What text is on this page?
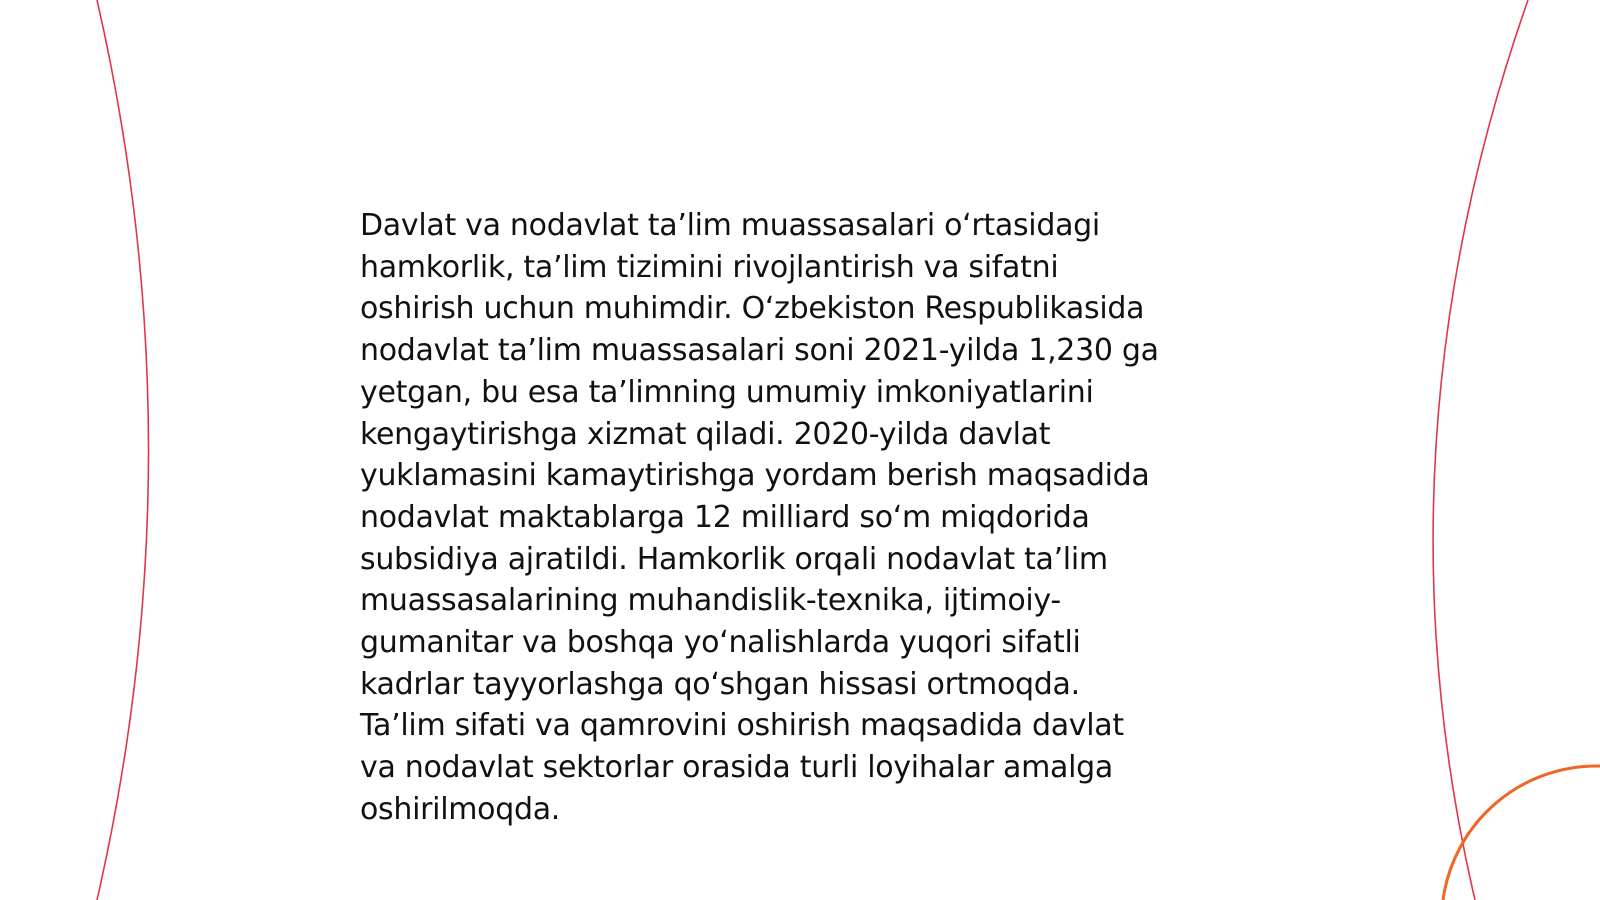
Davlat va nodavlat ta’lim muassasalari o‘rtasidagi
hamkorlik, ta’lim tizimini rivojlantirish va sifatni
oshirish uchun muhimdir. O‘zbekiston Respublikasida
nodavlat ta’lim muassasalari soni 2021-yilda 1,230 ga
yetgan, bu esa ta’limning umumiy imkoniyatlarini
kengaytirishga xizmat qiladi. 2020-yilda davlat
yuklamasini kamaytirishga yordam berish maqsadida
nodavlat maktablarga 12 milliard so‘m miqdorida
subsidiya ajratildi. Hamkorlik orqali nodavlat ta’lim
muassasalarining muhandislik-texnika, ijtimoiy-
gumanitar va boshqa yo‘nalishlarda yuqori sifatli
kadrlar tayyorlashga qo‘shgan hissasi ortmoqda.
Ta’lim sifati va qamrovini oshirish maqsadida davlat
va nodavlat sektorlar orasida turli loyihalar amalga
oshirilmoqda.
